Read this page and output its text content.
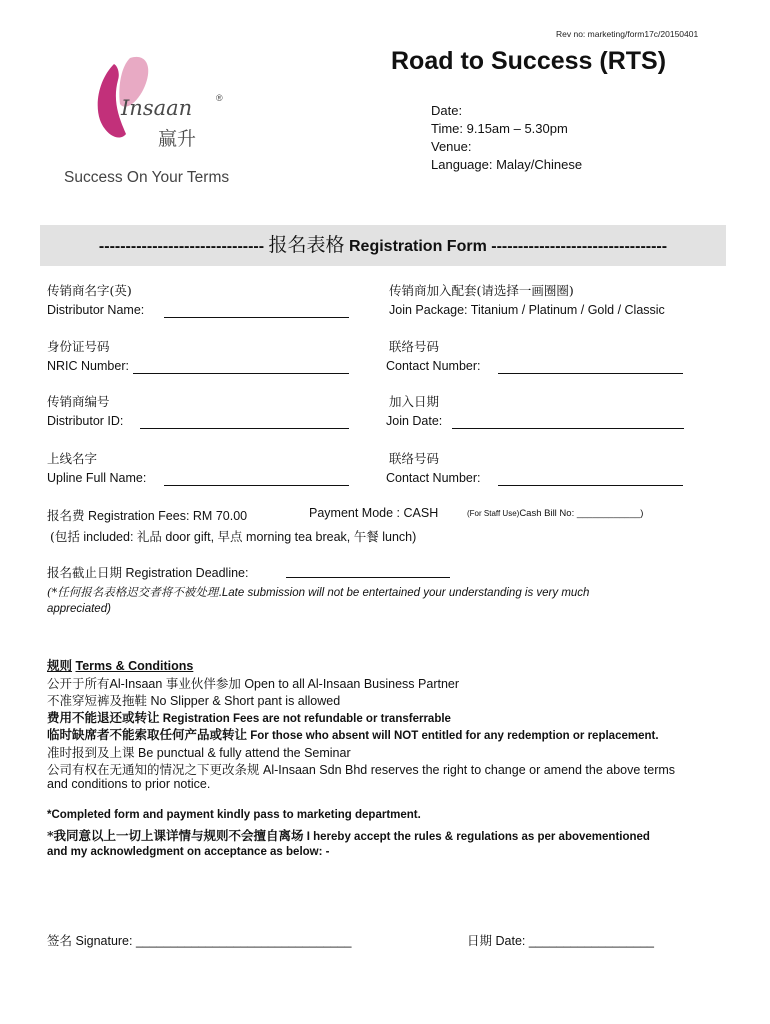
Rev no: marketing/form17c/20150401
Road to Success (RTS)
Date:
Time: 9.15am – 5.30pm
Venue:
Language: Malay/Chinese
Insaan	®
赢升
Success On Your Terms
------------------------------- 报名表格 Registration Form ---------------------------------
传销商名字(英)
Distributor Name:
传销商加入配套(请选择一画圈圈)
Join Package: Titanium / Platinum / Gold / Classic
身份证号码
NRIC Number:
联络号码
Contact Number:
传销商编号
Distributor ID:
加入日期
Join Date:
上线名字
Upline Full Name:
联络号码
Contact Number:
报名费 Registration Fees: RM 70.00	Payment Mode : CASH	(For Staff Use)Cash Bill No: ____________)
(包括 included: 礼品 door gift, 早点 morning tea break, 午餐 lunch)
报名截止日期 Registration Deadline:
(*任何报名表格迟交者将不被处理.Late submission will not be entertained your understanding is very much
appreciated)
规则 Terms & Conditions
公开于所有Al-Insaan 事业伙伴参加 Open to all Al-Insaan Business Partner
不准穿短裤及拖鞋 No Slipper & Short pant is allowed
费用不能退还或转让 Registration Fees are not refundable or transferrable
临时缺席者不能索取任何产品或转让 For those who absent will NOT entitled for any redemption or replacement.
准时报到及上课 Be punctual & fully attend the Seminar
公司有权在无通知的情况之下更改条规 Al-Insaan Sdn Bhd reserves the right to change or amend the above terms
and conditions to prior notice.
*Completed form and payment kindly pass to marketing department.
*我同意以上一切上课详情与规则不会擅自离场 I hereby accept the rules & regulations as per abovementioned
and my acknowledgment on acceptance as below: -
签名 Signature: _______________________________	日期 Date: __________________
